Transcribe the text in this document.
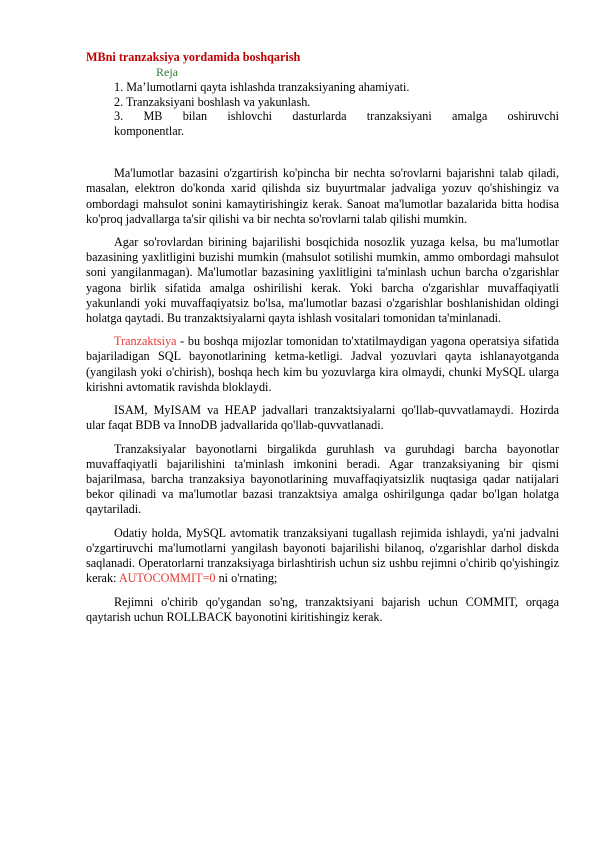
MBni tranzaksiya yordamida boshqarish

Reja

1. Ma’lumotlarni qayta ishlashda tranzaksiyaning ahamiyati.
2. Tranzaksiyani boshlash va yakunlash.
3. MB bilan ishlovchi dasturlarda tranzaksiyani amalga oshiruvchi
komponentlar.

Ma'lumotlar bazasini o'zgartirish ko'pincha bir nechta so'rovlarni bajarishni talab qiladi, masalan, elektron do'konda xarid qilishda siz buyurtmalar jadvaliga yozuv qo'shishingiz va ombordagi mahsulot sonini kamaytirishingiz kerak. Sanoat ma'lumotlar bazalarida bitta hodisa ko'proq jadvallarga ta'sir qilishi va bir nechta so'rovlarni talab qilishi mumkin.

Agar so'rovlardan birining bajarilishi bosqichida nosozlik yuzaga kelsa, bu ma'lumotlar bazasining yaxlitligini buzishi mumkin (mahsulot sotilishi mumkin, ammo ombordagi mahsulot soni yangilanmagan). Ma'lumotlar bazasining yaxlitligini ta'minlash uchun barcha o'zgarishlar yagona birlik sifatida amalga oshirilishi kerak. Yoki barcha o'zgarishlar muvaffaqiyatli yakunlandi yoki muvaffaqiyatsiz bo'lsa, ma'lumotlar bazasi o'zgarishlar boshlanishidan oldingi holatga qaytadi. Bu tranzaktsiyalarni qayta ishlash vositalari tomonidan ta'minlanadi.

Tranzaktsiya - bu boshqa mijozlar tomonidan to'xtatilmaydigan yagona operatsiya sifatida bajariladigan SQL bayonotlarining ketma-ketligi. Jadval yozuvlari qayta ishlanayotganda (yangilash yoki o'chirish), boshqa hech kim bu yozuvlarga kira olmaydi, chunki MySQL ularga kirishni avtomatik ravishda bloklaydi.

ISAM, MyISAM va HEAP jadvallari tranzaktsiyalarni qo'llab-quvvatlamaydi. Hozirda ular faqat BDB va InnoDB jadvallarida qo'llab-quvvatlanadi.

Tranzaksiyalar bayonotlarni birgalikda guruhlash va guruhdagi barcha bayonotlar muvaffaqiyatli bajarilishini ta'minlash imkonini beradi. Agar tranzaksiyaning bir qismi bajarilmasa, barcha tranzaksiya bayonotlarining muvaffaqiyatsizlik nuqtasiga qadar natijalari bekor qilinadi va ma'lumotlar bazasi tranzaktsiya amalga oshirilgunga qadar bo'lgan holatga qaytariladi.

Odatiy holda, MySQL avtomatik tranzaksiyani tugallash rejimida ishlaydi, ya'ni jadvalni o'zgartiruvchi ma'lumotlarni yangilash bayonoti bajarilishi bilanoq, o'zgarishlar darhol diskda saqlanadi. Operatorlarni tranzaksiyaga birlashtirish uchun siz ushbu rejimni o'chirib qo'yishingiz kerak: AUTOCOMMIT=0 ni o'rnating;

Rejimni o'chirib qo'ygandan so'ng, tranzaktsiyani bajarish uchun COMMIT, orqaga qaytarish uchun ROLLBACK bayonotini kiritishingiz kerak.
